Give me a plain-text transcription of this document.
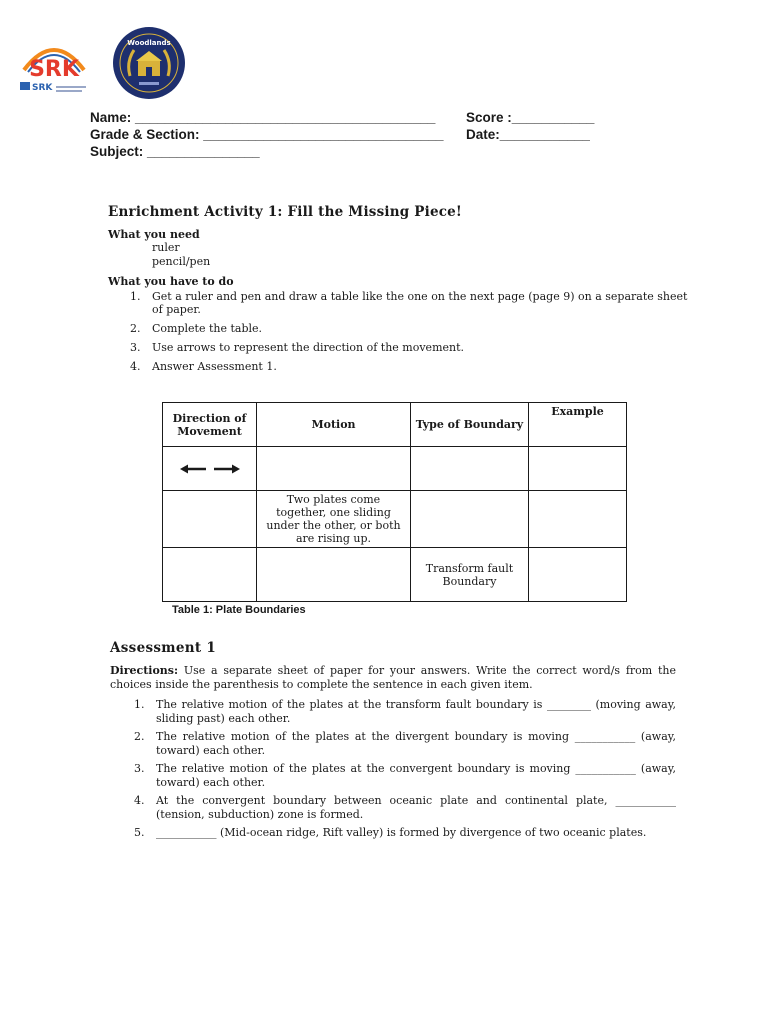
SRK
SRK
Woodlands
Name: ________________________________________ Score :___________
Grade & Section: ________________________________ Date:____________
Subject: _______________
Enrichment Activity 1: Fill the Missing Piece!
What you need
ruler
pencil/pen
What you have to do
1.	Get a ruler and pen and draw a table like the one on the next page (page 9) on a separate sheet of paper.
2.	Complete the table.
3.	Use arrows to represent the direction of the movement.
4.	Answer Assessment 1.
Direction of Movement	Motion	Type of Boundary	Example

	Two plates come together, one sliding under the other, or both are rising up.		
		Transform fault Boundary	
Table 1: Plate Boundaries
Assessment 1
Directions: Use a separate sheet of paper for your answers. Write the correct word/s from the choices inside the parenthesis to complete the sentence in each given item.
1.	The relative motion of the plates at the transform fault boundary is ________ (moving away, sliding past) each other.
2.	The relative motion of the plates at the divergent boundary is moving ___________ (away, toward) each other.
3.	The relative motion of the plates at the convergent boundary is moving ___________ (away, toward) each other.
4.	At the convergent boundary between oceanic plate and continental plate, ___________ (tension, subduction) zone is formed.
5.	___________ (Mid-ocean ridge, Rift valley) is formed by divergence of two oceanic plates.
